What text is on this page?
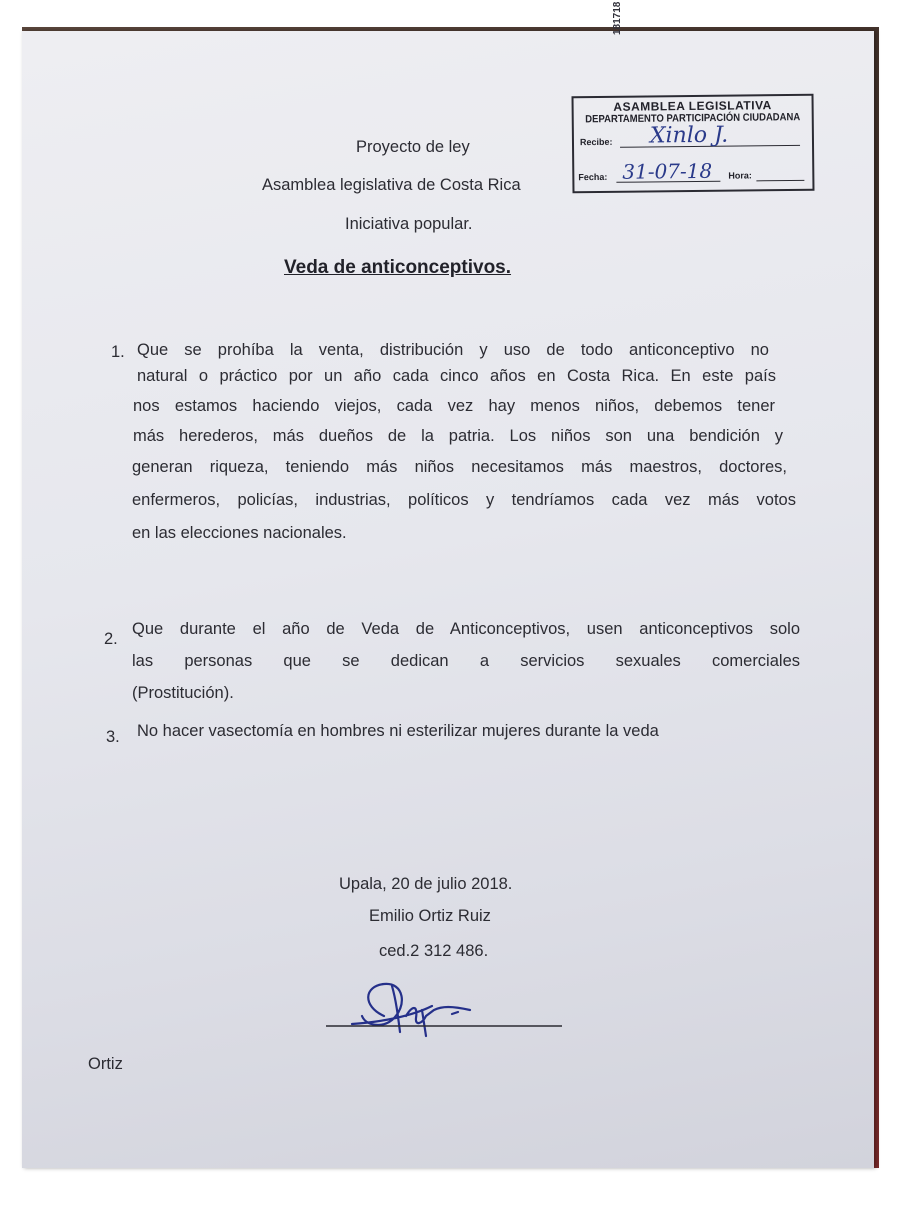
181718
ASAMBLEA LEGISLATIVA
DEPARTAMENTO PARTICIPACIÓN CIUDADANA
Recibe: Xinlo J.
Fecha: 31-07-18 Hora:
Proyecto de ley
Asamblea legislativa de Costa Rica
Iniciativa popular.
Veda de anticonceptivos.
1. Que se prohíba la venta, distribución y uso de todo anticonceptivo no
natural o práctico por un año cada cinco años en Costa Rica. En este país
nos estamos haciendo viejos, cada vez hay menos niños, debemos tener
más herederos, más dueños de la patria. Los niños son una bendición y
generan riqueza, teniendo más niños necesitamos más maestros, doctores,
enfermeros, policías, industrias, políticos y tendríamos cada vez más votos
en las elecciones nacionales.
2.
Que durante el año de Veda de Anticonceptivos, usen anticonceptivos solo
las personas que se dedican a servicios sexuales comerciales
(Prostitución).
3. No hacer vasectomía en hombres ni esterilizar mujeres durante la veda
Upala, 20 de julio 2018.
Emilio Ortiz Ruiz
ced.2 312 486.
Ortiz
